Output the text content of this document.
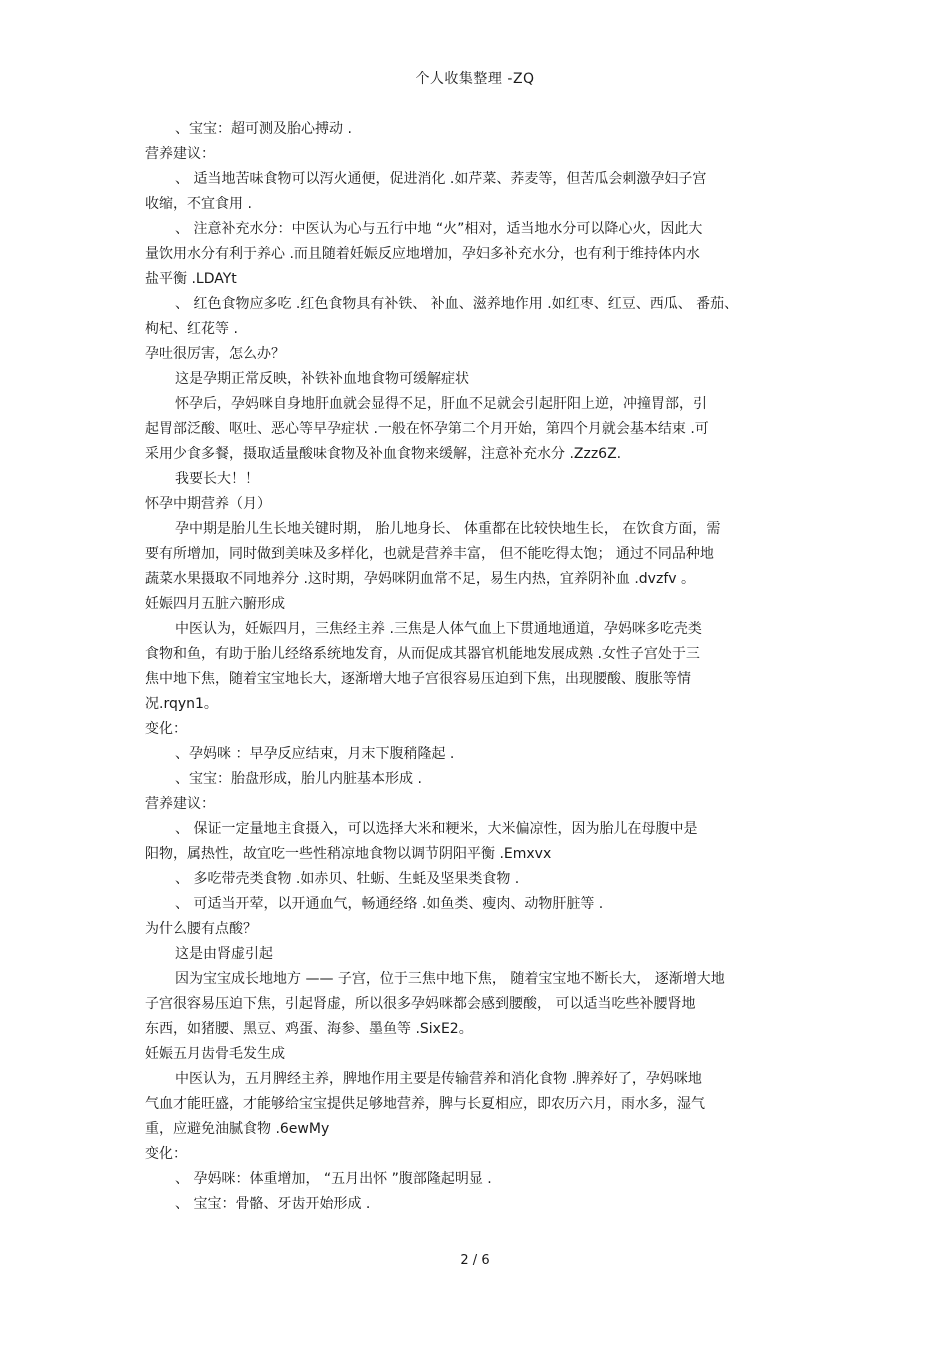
个人收集整理 -ZQ
、宝宝：超可测及胎心搏动 .
营养建议：
、 适当地苦味食物可以泻火通便，促进消化 .如芹菜、荞麦等，但苦瓜会刺激孕妇子宫
收缩，不宜食用 .
、 注意补充水分：中医认为心与五行中地 “火”相对，适当地水分可以降心火，因此大
量饮用水分有利于养心 .而且随着妊娠反应地增加，孕妇多补充水分，也有利于维持体内水
盐平衡 .LDAYt
、 红色食物应多吃 .红色食物具有补铁、 补血、滋养地作用 .如红枣、红豆、西瓜、 番茄、
枸杞、红花等 .
孕吐很厉害，怎么办？
这是孕期正常反映，补铁补血地食物可缓解症状
怀孕后，孕妈咪自身地肝血就会显得不足，肝血不足就会引起肝阳上逆，冲撞胃部，引
起胃部泛酸、呕吐、恶心等早孕症状 .一般在怀孕第二个月开始，第四个月就会基本结束 .可
采用少食多餐，摄取适量酸味食物及补血食物来缓解，注意补充水分 .Zzz6Z.
我要长大！！
怀孕中期营养（月）
孕中期是胎儿生长地关键时期， 胎儿地身长、 体重都在比较快地生长， 在饮食方面，需
要有所增加，同时做到美味及多样化，也就是营养丰富， 但不能吃得太饱； 通过不同品种地
蔬菜水果摄取不同地养分 .这时期，孕妈咪阴血常不足，易生内热，宜养阴补血 .dvzfv 。
妊娠四月五脏六腑形成
中医认为，妊娠四月，三焦经主养 .三焦是人体气血上下贯通地通道，孕妈咪多吃壳类
食物和鱼，有助于胎儿经络系统地发育，从而促成其器官机能地发展成熟 .女性子宫处于三
焦中地下焦，随着宝宝地长大，逐渐增大地子宫很容易压迫到下焦，出现腰酸、腹胀等情
况.rqyn1。
变化：
、孕妈咪 ：早孕反应结束，月末下腹稍隆起 .
、宝宝：胎盘形成，胎儿内脏基本形成 .
营养建议：
、 保证一定量地主食摄入，可以选择大米和粳米，大米偏凉性，因为胎儿在母腹中是
阳物，属热性，故宜吃一些性稍凉地食物以调节阴阳平衡 .Emxvx
、 多吃带壳类食物 .如赤贝、牡蛎、生蚝及坚果类食物 .
、 可适当开荤，以开通血气，畅通经络 .如鱼类、瘦肉、动物肝脏等 .
为什么腰有点酸？
这是由肾虚引起
因为宝宝成长地地方 —— 子宫，位于三焦中地下焦， 随着宝宝地不断长大， 逐渐增大地
子宫很容易压迫下焦，引起肾虚，所以很多孕妈咪都会感到腰酸， 可以适当吃些补腰肾地
东西，如猪腰、黑豆、鸡蛋、海参、墨鱼等 .SixE2。
妊娠五月齿骨毛发生成
中医认为，五月脾经主养，脾地作用主要是传输营养和消化食物 .脾养好了，孕妈咪地
气血才能旺盛，才能够给宝宝提供足够地营养，脾与长夏相应，即农历六月，雨水多，湿气
重，应避免油腻食物 .6ewMy
变化：
、 孕妈咪：体重增加， “五月出怀 ”腹部隆起明显 .
、 宝宝：骨骼、牙齿开始形成 .
2 / 6
